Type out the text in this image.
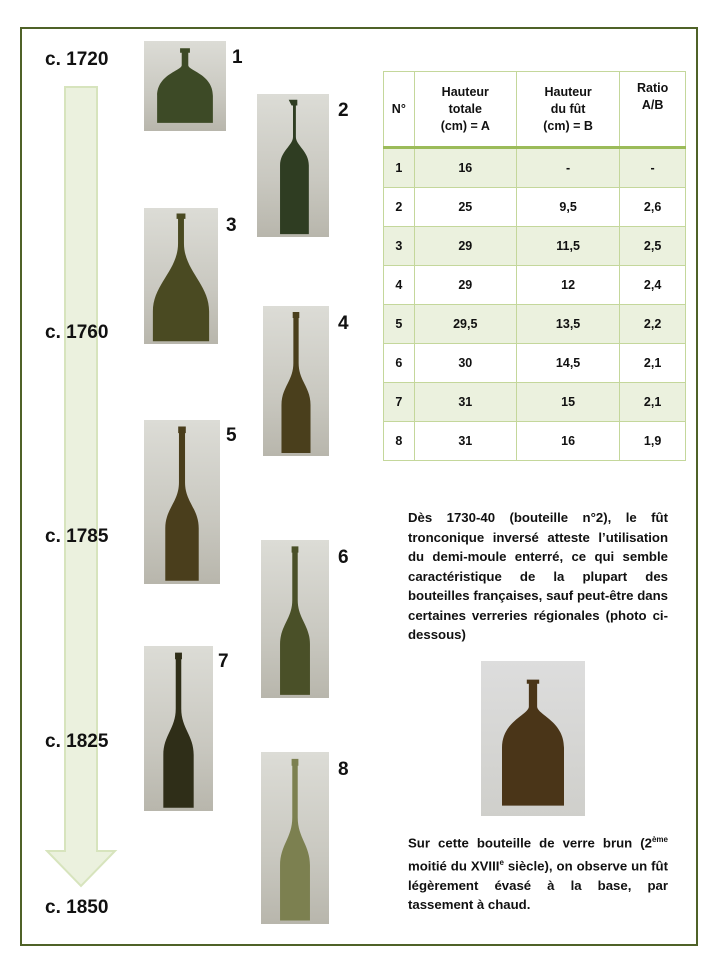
c. 1720
c. 1760
c. 1785
c. 1825
c. 1850
1
2
3
4
5
6
7
8
N°	Hauteur
totale
(cm) = A	Hauteur
du fût
(cm) = B	Ratio
A/B
1	16	-	-
2	25	9,5	2,6
3	29	11,5	2,5
4	29	12	2,4
5	29,5	13,5	2,2
6	30	14,5	2,1
7	31	15	2,1
8	31	16	1,9
Dès 1730-40 (bouteille n°2), le fût tronconique inversé atteste l’utilisation du demi-moule enterré, ce qui semble caractéristique de la plupart des bouteilles françaises, sauf peut-être dans certaines verreries régionales (photo ci-dessous)
Sur cette bouteille de verre brun (2ème moitié du XVIIIe siècle), on observe un fût légèrement évasé à la base, par tassement à chaud.
